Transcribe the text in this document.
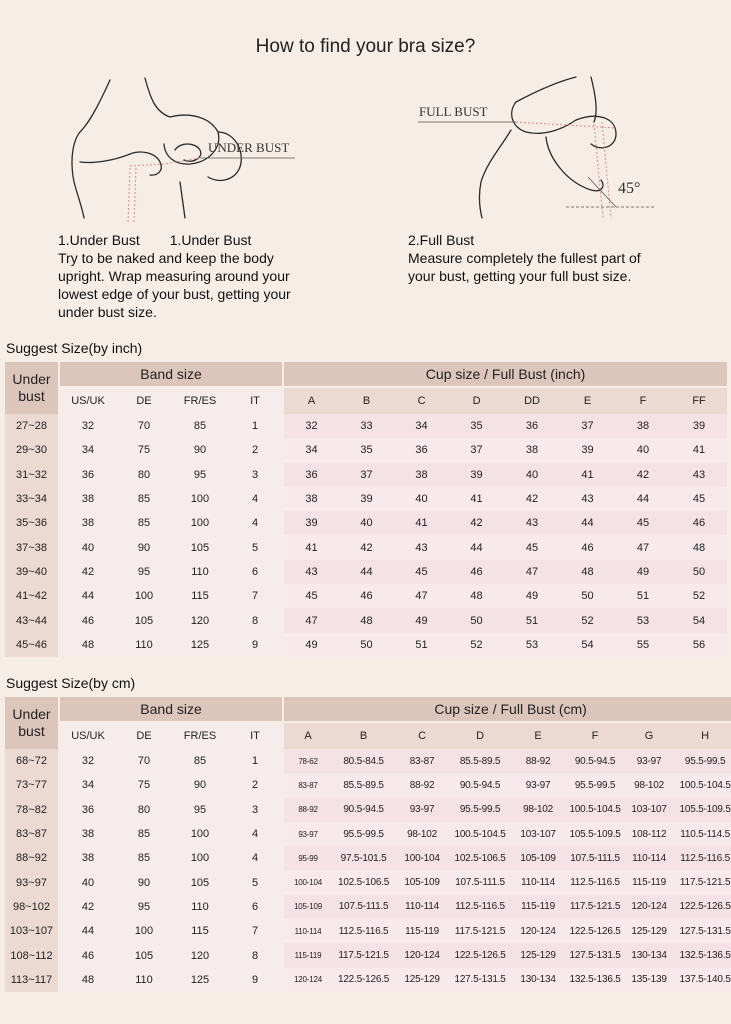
How to find your bra size?
UNDER BUST
FULL BUST
45°
1.Under Bust 1.Under Bust
Try to be naked and keep the body
upright. Wrap measuring around your
lowest edge of your bust, getting your
under bust size.
2.Full Bust
Measure completely the fullest part of
your bust, getting your full bust size.
Suggest Size(by inch)
Under
bust	Band size				Cup size / Full Bust (inch)							
	US/UK	DE	FR/ES	IT	A	B	C	D	DD	E	F	FF
27~28	32	70	85	1	32	33	34	35	36	37	38	39
29~30	34	75	90	2	34	35	36	37	38	39	40	41
31~32	36	80	95	3	36	37	38	39	40	41	42	43
33~34	38	85	100	4	38	39	40	41	42	43	44	45
35~36	38	85	100	4	39	40	41	42	43	44	45	46
37~38	40	90	105	5	41	42	43	44	45	46	47	48
39~40	42	95	110	6	43	44	45	46	47	48	49	50
41~42	44	100	115	7	45	46	47	48	49	50	51	52
43~44	46	105	120	8	47	48	49	50	51	52	53	54
45~46	48	110	125	9	49	50	51	52	53	54	55	56
Suggest Size(by cm)
Under
bust	Band size				Cup size / Full Bust (cm)							
	US/UK	DE	FR/ES	IT	A	B	C	D	E	F	G	H
68~72	32	70	85	1	78-62	80.5-84.5	83-87	85.5-89.5	88-92	90.5-94.5	93-97	95.5-99.5
73~77	34	75	90	2	83-87	85.5-89.5	88-92	90.5-94.5	93-97	95.5-99.5	98-102	100.5-104.5
78~82	36	80	95	3	88-92	90.5-94.5	93-97	95.5-99.5	98-102	100.5-104.5	103-107	105.5-109.5
83~87	38	85	100	4	93-97	95.5-99.5	98-102	100.5-104.5	103-107	105.5-109.5	108-112	110.5-114.5
88~92	38	85	100	4	95-99	97.5-101.5	100-104	102.5-106.5	105-109	107.5-111.5	110-114	112.5-116.5
93~97	40	90	105	5	100-104	102.5-106.5	105-109	107.5-111.5	110-114	112.5-116.5	115-119	117.5-121.5
98~102	42	95	110	6	105-109	107.5-111.5	110-114	112.5-116.5	115-119	117.5-121.5	120-124	122.5-126.5
103~107	44	100	115	7	110-114	112.5-116.5	115-119	117.5-121.5	120-124	122.5-126.5	125-129	127.5-131.5
108~112	46	105	120	8	115-119	117.5-121.5	120-124	122.5-126.5	125-129	127.5-131.5	130-134	132.5-136.5
113~117	48	110	125	9	120-124	122.5-126.5	125-129	127.5-131.5	130-134	132.5-136.5	135-139	137.5-140.5
